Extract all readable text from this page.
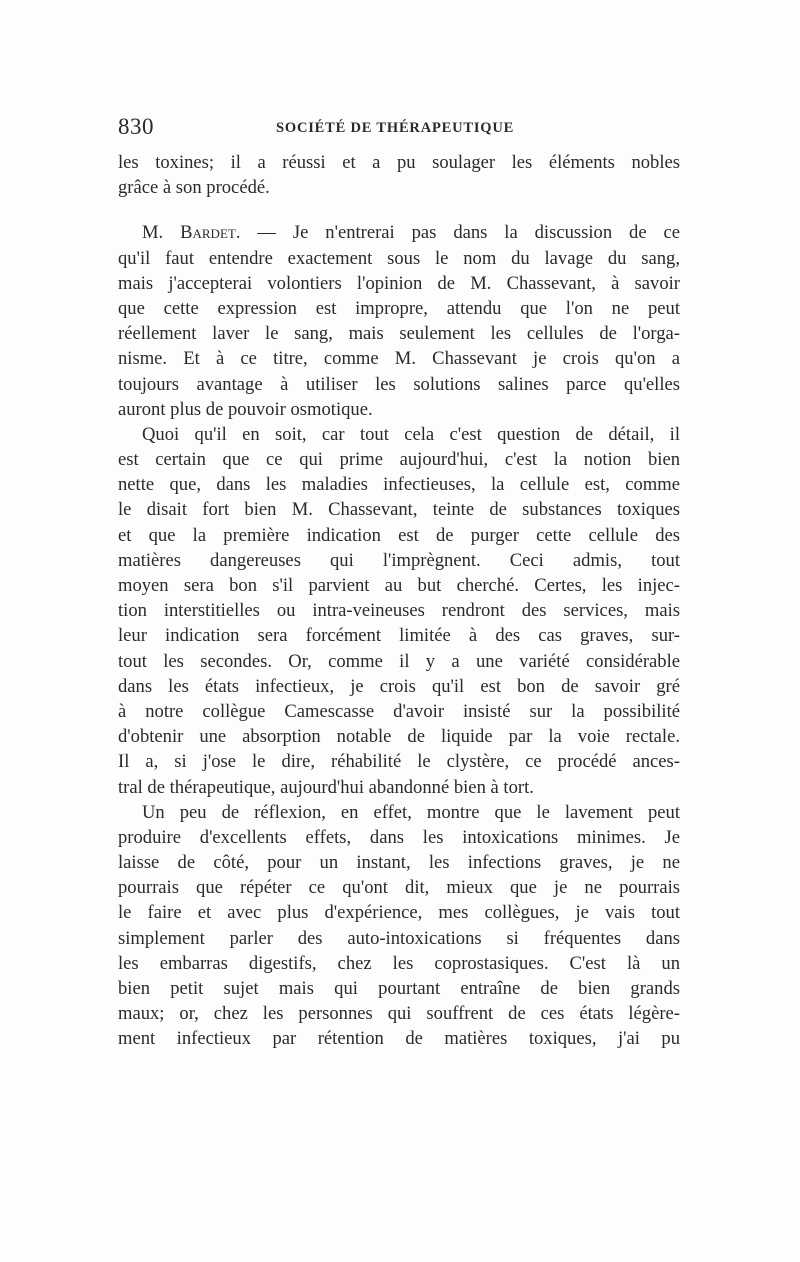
830	SOCIÉTÉ DE THÉRAPEUTIQUE
les toxines; il a réussi et a pu soulager les éléments nobles
grâce à son procédé.
M. Bardet. — Je n'entrerai pas dans la discussion de ce
qu'il faut entendre exactement sous le nom du lavage du sang,
mais j'accepterai volontiers l'opinion de M. Chassevant, à savoir
que cette expression est impropre, attendu que l'on ne peut
réellement laver le sang, mais seulement les cellules de l'orga-
nisme. Et à ce titre, comme M. Chassevant je crois qu'on a
toujours avantage à utiliser les solutions salines parce qu'elles
auront plus de pouvoir osmotique.
Quoi qu'il en soit, car tout cela c'est question de détail, il
est certain que ce qui prime aujourd'hui, c'est la notion bien
nette que, dans les maladies infectieuses, la cellule est, comme
le disait fort bien M. Chassevant, teinte de substances toxiques
et que la première indication est de purger cette cellule des
matières dangereuses qui l'imprègnent. Ceci admis, tout
moyen sera bon s'il parvient au but cherché. Certes, les injec-
tion interstitielles ou intra-veineuses rendront des services, mais
leur indication sera forcément limitée à des cas graves, sur-
tout les secondes. Or, comme il y a une variété considérable
dans les états infectieux, je crois qu'il est bon de savoir gré
à notre collègue Camescasse d'avoir insisté sur la possibilité
d'obtenir une absorption notable de liquide par la voie rectale.
Il a, si j'ose le dire, réhabilité le clystère, ce procédé ances-
tral de thérapeutique, aujourd'hui abandonné bien à tort.
Un peu de réflexion, en effet, montre que le lavement peut
produire d'excellents effets, dans les intoxications minimes. Je
laisse de côté, pour un instant, les infections graves, je ne
pourrais que répéter ce qu'ont dit, mieux que je ne pourrais
le faire et avec plus d'expérience, mes collègues, je vais tout
simplement parler des auto-intoxications si fréquentes dans
les embarras digestifs, chez les coprostasiques. C'est là un
bien petit sujet mais qui pourtant entraîne de bien grands
maux; or, chez les personnes qui souffrent de ces états légère-
ment infectieux par rétention de matières toxiques, j'ai pu
